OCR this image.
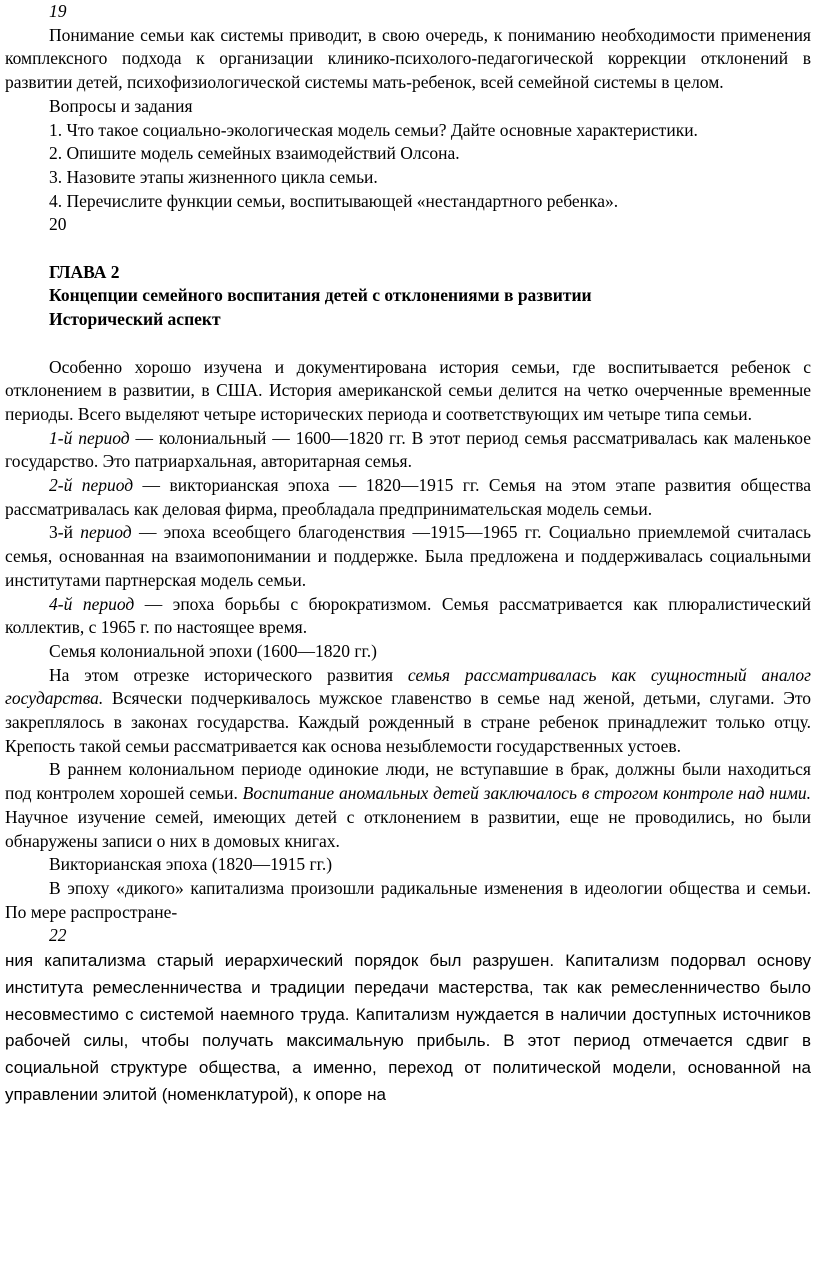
19

Понимание семьи как системы приводит, в свою очередь, к пониманию необходимости применения комплексного подхода к организации клинико-психолого-педагогической коррекции отклонений в развитии детей, психофизиологической системы мать-ребенок, всей семейной системы в целом.

Вопросы и задания

1. Что такое социально-экологическая модель семьи? Дайте основные характеристики.

2. Опишите модель семейных взаимодействий Олсона.

3. Назовите этапы жизненного цикла семьи.

4. Перечислите функции семьи, воспитывающей «нестандартного ребенка».

20
ГЛАВА 2
Концепции семейного воспитания детей с отклонениями в развитии
Исторический аспект

Особенно хорошо изучена и документирована история семьи, где воспитывается ребенок с отклонением в развитии, в США. История американской семьи делится на четко очерченные временные периоды. Всего выделяют четыре исторических периода и соответствующих им четыре типа семьи.

1-й период — колониальный — 1600—1820 гг. В этот период семья рассматривалась как маленькое государство. Это патриархальная, авторитарная семья.

2-й период — викторианская эпоха — 1820—1915 гг. Семья на этом этапе развития общества рассматривалась как деловая фирма, преобладала предпринимательская модель семьи.

3-й период — эпоха всеобщего благоденствия —1915—1965 гг. Социально приемлемой считалась семья, основанная на взаимопонимании и поддержке. Была предложена и поддерживалась социальными институтами партнерская модель семьи.

4-й период — эпоха борьбы с бюрократизмом. Семья рассматривается как плюралистический коллектив, с 1965 г. по настоящее время.

Семья колониальной эпохи (1600—1820 гг.)

На этом отрезке исторического развития семья рассматривалась как сущностный аналог государства. Всячески подчеркивалось мужское главенство в семье над женой, детьми, слугами. Это закреплялось в законах государства. Каждый рожденный в стране ребенок принадлежит только отцу. Крепость такой семьи рассматривается как основа незыблемости государственных устоев.

В раннем колониальном периоде одинокие люди, не вступавшие в брак, должны были находиться под контролем хорошей семьи. Воспитание аномальных детей заключалось в строгом контроле над ними. Научное изучение семей, имеющих детей с отклонением в развитии, еще не проводились, но были обнаружены записи о них в домовых книгах.

Викторианская эпоха (1820—1915 гг.)

В эпоху «дикого» капитализма произошли радикальные изменения в идеологии общества и семьи. По мере распростране-

22

ния капитализма старый иерархический порядок был разрушен. Капитализм подорвал основу института ремесленничества и традиции передачи мастерства, так как ремесленничество было несовместимо с системой наемного труда. Капитализм нуждается в наличии доступных источников рабочей силы, чтобы получать максимальную прибыль. В этот период отмечается сдвиг в социальной структуре общества, а именно, переход от политической модели, основанной на управлении элитой (номенклатурой), к опоре на
